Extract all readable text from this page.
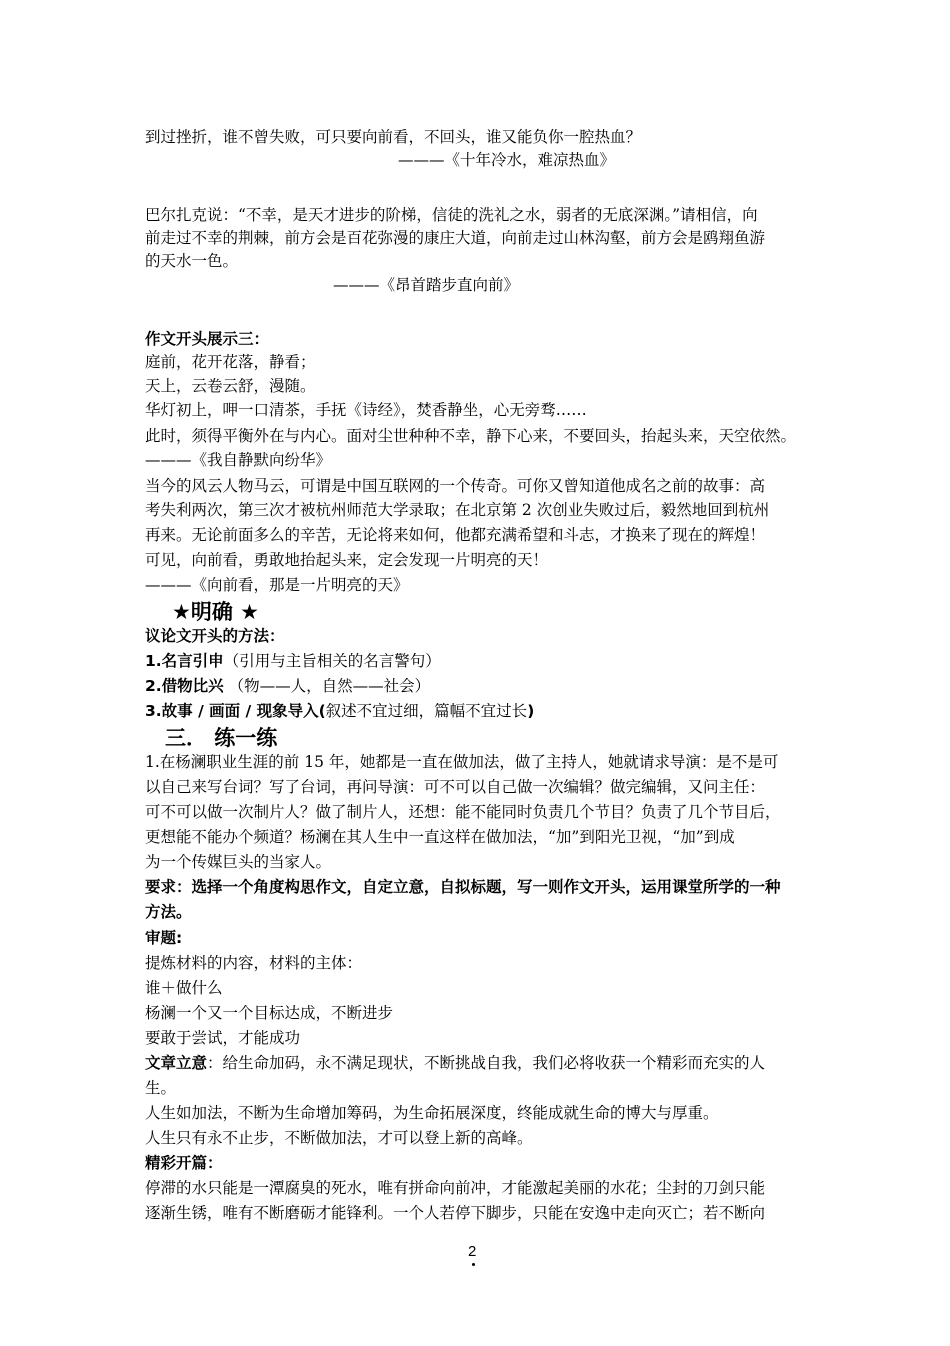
到过挫折，谁不曾失败，可只要向前看，不回头，谁又能负你一腔热血？
———《十年冷水，难凉热血》
巴尔扎克说：“不幸，是天才进步的阶梯，信徒的洗礼之水，弱者的无底深渊。”请相信，向
前走过不幸的荆棘，前方会是百花弥漫的康庄大道，向前走过山林沟壑，前方会是鸥翔鱼游
的天水一色。
———《昂首踏步直向前》
作文开头展示三：
庭前，花开花落，静看；
天上，云卷云舒，漫随。
华灯初上，呷一口清茶，手抚《诗经》，焚香静坐，心无旁骛……
此时，须得平衡外在与内心。面对尘世种种不幸，静下心来，不要回头，抬起头来，天空依然。
———《我自静默向纷华》
当今的风云人物马云，可谓是中国互联网的一个传奇。可你又曾知道他成名之前的故事：高
考失利两次，第三次才被杭州师范大学录取；在北京第 2 次创业失败过后，毅然地回到杭州
再来。无论前面多么的辛苦，无论将来如何，他都充满希望和斗志，才换来了现在的辉煌！
可见，向前看，勇敢地抬起头来，定会发现一片明亮的天！
———《向前看，那是一片明亮的天》
★明确 ★
议论文开头的方法：
1.名言引申（引用与主旨相关的名言警句）
2.借物比兴 （物——人，自然——社会）
3.故事 / 画面 / 现象导入(叙述不宜过细，篇幅不宜过长)
三． 练一练
1.在杨澜职业生涯的前 15 年，她都是一直在做加法，做了主持人，她就请求导演：是不是可
以自己来写台词？写了台词，再问导演：可不可以自己做一次编辑？做完编辑，又问主任：
可不可以做一次制片人？做了制片人，还想：能不能同时负责几个节目？负责了几个节目后，
更想能不能办个频道？杨澜在其人生中一直这样在做加法，“加”到阳光卫视，“加”到成
为一个传媒巨头的当家人。
要求：选择一个角度构思作文，自定立意，自拟标题，写一则作文开头，运用课堂所学的一种
方法。
审题:
提炼材料的内容，材料的主体：
谁＋做什么
杨澜一个又一个目标达成，不断进步
要敢于尝试，才能成功
文章立意：给生命加码，永不满足现状，不断挑战自我，我们必将收获一个精彩而充实的人
生。
人生如加法，不断为生命增加筹码，为生命拓展深度，终能成就生命的博大与厚重。
人生只有永不止步，不断做加法，才可以登上新的高峰。
精彩开篇：
停滞的水只能是一潭腐臭的死水，唯有拼命向前冲，才能激起美丽的水花；尘封的刀剑只能
逐渐生锈，唯有不断磨砺才能锋利。一个人若停下脚步，只能在安逸中走向灭亡；若不断向
2
